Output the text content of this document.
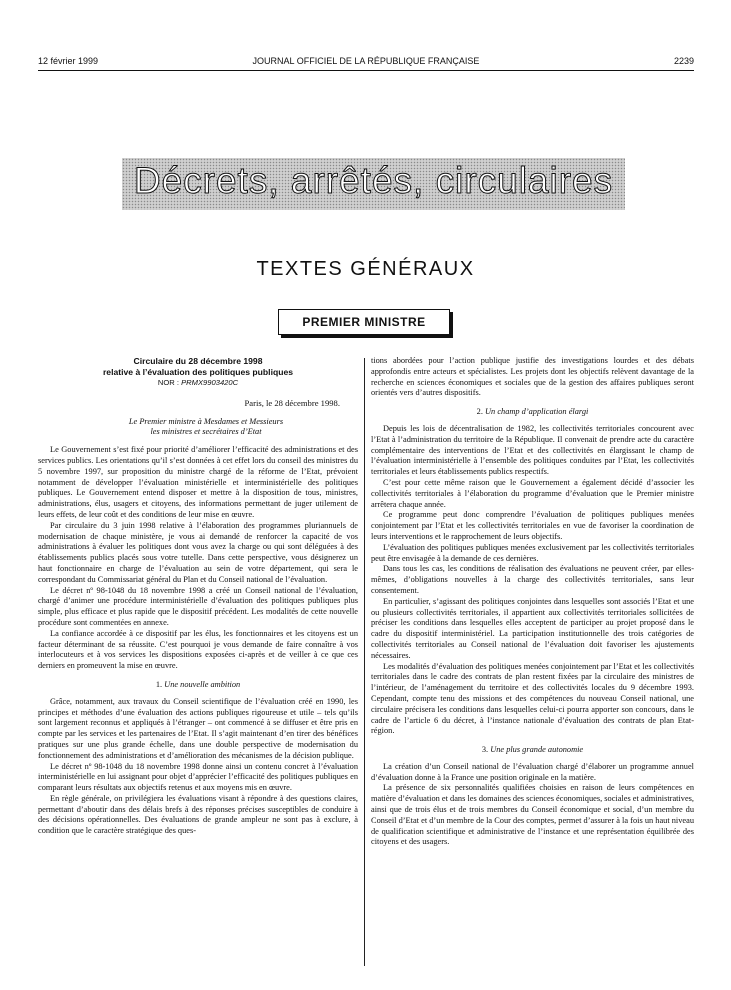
12 février 1999	JOURNAL OFFICIEL DE LA RÉPUBLIQUE FRANÇAISE	2239
Décrets, arrêtés, circulaires
TEXTES GÉNÉRAUX
PREMIER MINISTRE
Circulaire du 28 décembre 1998
relative à l’évaluation des politiques publiques
NOR : PRMX9903420C
Paris, le 28 décembre 1998.
Le Premier ministre à Mesdames et Messieurs
les ministres et secrétaires d’Etat

Le Gouvernement s’est fixé pour priorité d’améliorer l’efficacité des administrations et des services publics. Les orientations qu’il s’est données à cet effet lors du conseil des ministres du 5 novembre 1997, sur proposition du ministre chargé de la réforme de l’Etat, prévoient notamment de développer l’évaluation ministérielle et interministérielle des politiques publiques. Le Gouvernement entend disposer et mettre à la disposition de tous, ministres, administrations, élus, usagers et citoyens, des informations permettant de juger utilement de leurs effets, de leur coût et des conditions de leur mise en œuvre.

Par circulaire du 3 juin 1998 relative à l’élaboration des programmes pluriannuels de modernisation de chaque ministère, je vous ai demandé de renforcer la capacité de vos administrations à évaluer les politiques dont vous avez la charge ou qui sont déléguées à des établissements publics placés sous votre tutelle. Dans cette perspective, vous désignerez un haut fonctionnaire en charge de l’évaluation au sein de votre département, qui sera le correspondant du Commissariat général du Plan et du Conseil national de l’évaluation.

Le décret nº 98-1048 du 18 novembre 1998 a créé un Conseil national de l’évaluation, chargé d’animer une procédure interministérielle d’évaluation des politiques publiques plus simple, plus efficace et plus rapide que le dispositif précédent. Les modalités de cette nouvelle procédure sont commentées en annexe.

La confiance accordée à ce dispositif par les élus, les fonctionnaires et les citoyens est un facteur déterminant de sa réussite. C’est pourquoi je vous demande de faire connaître à vos interlocuteurs et à vos services les dispositions exposées ci-après et de veiller à ce que ces derniers en promeuvent la mise en œuvre.

1. Une nouvelle ambition

Grâce, notamment, aux travaux du Conseil scientifique de l’évaluation créé en 1990, les principes et méthodes d’une évaluation des actions publiques rigoureuse et utile – tels qu’ils sont largement reconnus et appliqués à l’étranger – ont commencé à se diffuser et être pris en compte par les services et les partenaires de l’Etat. Il s’agit maintenant d’en tirer des bénéfices pratiques sur une plus grande échelle, dans une double perspective de modernisation du fonctionnement des administrations et d’amélioration des mécanismes de la décision publique.

Le décret nº 98-1048 du 18 novembre 1998 donne ainsi un contenu concret à l’évaluation interministérielle en lui assignant pour objet d’apprécier l’efficacité des politiques publiques en comparant leurs résultats aux objectifs retenus et aux moyens mis en œuvre.

En règle générale, on privilégiera les évaluations visant à répondre à des questions claires, permettant d’aboutir dans des délais brefs à des réponses précises susceptibles de conduire à des décisions opérationnelles. Des évaluations de grande ampleur ne sont pas à exclure, à condition que le caractère stratégique des ques-

tions abordées pour l’action publique justifie des investigations lourdes et des débats approfondis entre acteurs et spécialistes. Les projets dont les objectifs relèvent davantage de la recherche en sciences économiques et sociales que de la gestion des affaires publiques seront orientés vers d’autres dispositifs.

2. Un champ d’application élargi

Depuis les lois de décentralisation de 1982, les collectivités territoriales concourent avec l’Etat à l’administration du territoire de la République. Il convenait de prendre acte du caractère complémentaire des interventions de l’Etat et des collectivités en élargissant le champ de l’évaluation interministérielle à l’ensemble des politiques conduites par l’Etat, les collectivités territoriales et leurs établissements publics respectifs.

C’est pour cette même raison que le Gouvernement a également décidé d’associer les collectivités territoriales à l’élaboration du programme d’évaluation que le Premier ministre arrêtera chaque année.

Ce programme peut donc comprendre l’évaluation de politiques publiques menées conjointement par l’Etat et les collectivités territoriales en vue de favoriser la coordination de leurs interventions et le rapprochement de leurs objectifs.

L’évaluation des politiques publiques menées exclusivement par les collectivités territoriales peut être envisagée à la demande de ces dernières.

Dans tous les cas, les conditions de réalisation des évaluations ne peuvent créer, par elles-mêmes, d’obligations nouvelles à la charge des collectivités territoriales, sans leur consentement.

En particulier, s’agissant des politiques conjointes dans lesquelles sont associés l’Etat et une ou plusieurs collectivités territoriales, il appartient aux collectivités territoriales sollicitées de préciser les conditions dans lesquelles elles acceptent de participer au projet proposé dans le cadre du dispositif interministériel. La participation institutionnelle des trois catégories de collectivités territoriales au Conseil national de l’évaluation doit favoriser les ajustements nécessaires.

Les modalités d’évaluation des politiques menées conjointement par l’Etat et les collectivités territoriales dans le cadre des contrats de plan restent fixées par la circulaire des ministres de l’intérieur, de l’aménagement du territoire et des collectivités locales du 9 décembre 1993. Cependant, compte tenu des missions et des compétences du nouveau Conseil national, une circulaire précisera les conditions dans lesquelles celui-ci pourra apporter son concours, dans le cadre de l’article 6 du décret, à l’instance nationale d’évaluation des contrats de plan Etat-région.

3. Une plus grande autonomie

La création d’un Conseil national de l’évaluation chargé d’élaborer un programme annuel d’évaluation donne à la France une position originale en la matière.

La présence de six personnalités qualifiées choisies en raison de leurs compétences en matière d’évaluation et dans les domaines des sciences économiques, sociales et administratives, ainsi que de trois élus et de trois membres du Conseil économique et social, d’un membre du Conseil d’Etat et d’un membre de la Cour des comptes, permet d’assurer à la fois un haut niveau de qualification scientifique et administrative de l’instance et une représentation équilibrée des citoyens et des usagers.
